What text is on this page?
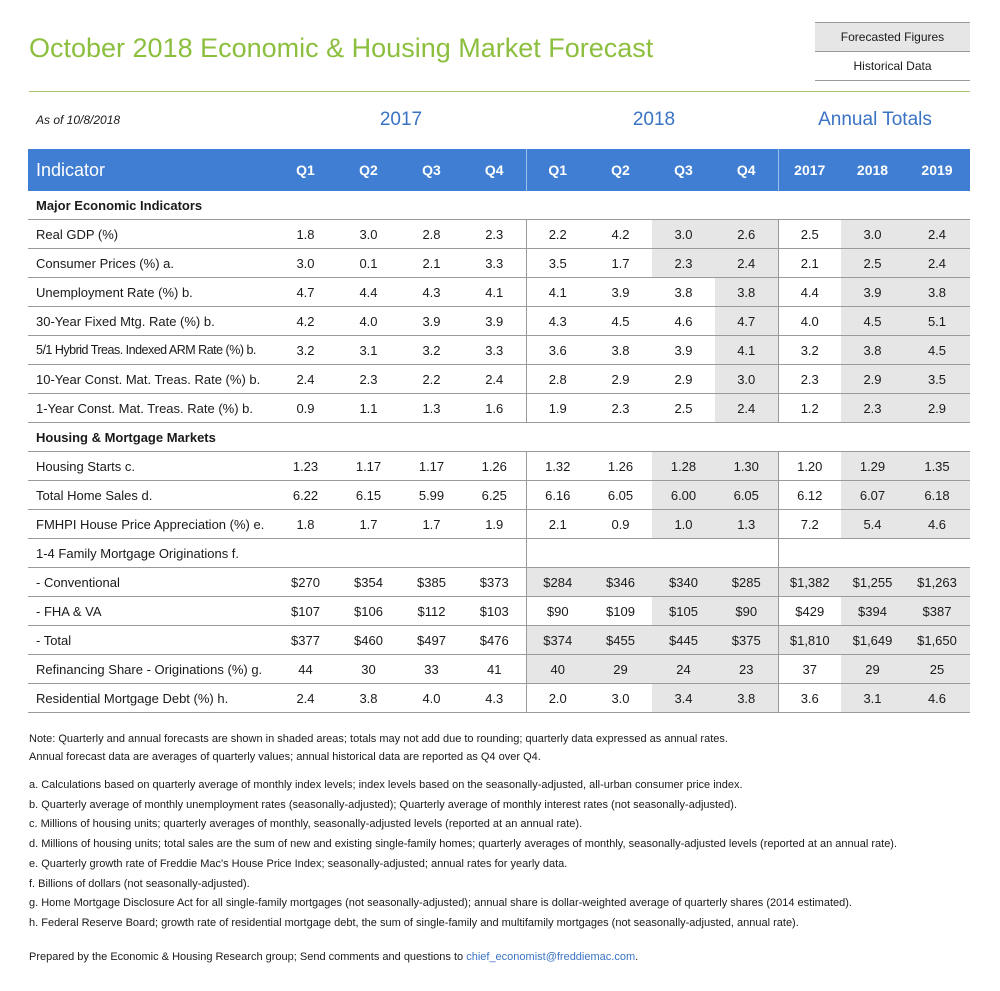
October 2018 Economic & Housing Market Forecast	Forecasted Figures
Historical Data
As of 10/8/2018	2017	2018	Annual Totals
Indicator	Q1	Q2	Q3	Q4	Q1	Q2	Q3	Q4	2017	2018	2019
Major Economic Indicators											
Real GDP (%)	1.8	3.0	2.8	2.3	2.2	4.2	3.0	2.6	2.5	3.0	2.4
Consumer Prices (%) a.	3.0	0.1	2.1	3.3	3.5	1.7	2.3	2.4	2.1	2.5	2.4
Unemployment Rate (%) b.	4.7	4.4	4.3	4.1	4.1	3.9	3.8	3.8	4.4	3.9	3.8
30-Year Fixed Mtg. Rate (%) b.	4.2	4.0	3.9	3.9	4.3	4.5	4.6	4.7	4.0	4.5	5.1
5/1 Hybrid Treas. Indexed ARM Rate (%) b.	3.2	3.1	3.2	3.3	3.6	3.8	3.9	4.1	3.2	3.8	4.5
10-Year Const. Mat. Treas. Rate (%) b.	2.4	2.3	2.2	2.4	2.8	2.9	2.9	3.0	2.3	2.9	3.5
1-Year Const. Mat. Treas. Rate (%) b.	0.9	1.1	1.3	1.6	1.9	2.3	2.5	2.4	1.2	2.3	2.9
Housing & Mortgage Markets											
Housing Starts c.	1.23	1.17	1.17	1.26	1.32	1.26	1.28	1.30	1.20	1.29	1.35
Total Home Sales d.	6.22	6.15	5.99	6.25	6.16	6.05	6.00	6.05	6.12	6.07	6.18
FMHPI House Price Appreciation (%) e.	1.8	1.7	1.7	1.9	2.1	0.9	1.0	1.3	7.2	5.4	4.6
1-4 Family Mortgage Originations f.											
- Conventional	$270	$354	$385	$373	$284	$346	$340	$285	$1,382	$1,255	$1,263
- FHA & VA	$107	$106	$112	$103	$90	$109	$105	$90	$429	$394	$387
- Total	$377	$460	$497	$476	$374	$455	$445	$375	$1,810	$1,649	$1,650
Refinancing Share - Originations (%) g.	44	30	33	41	40	29	24	23	37	29	25
Residential Mortgage Debt (%) h.	2.4	3.8	4.0	4.3	2.0	3.0	3.4	3.8	3.6	3.1	4.6

Note: Quarterly and annual forecasts are shown in shaded areas; totals may not add due to rounding; quarterly data expressed as annual rates.

Annual forecast data are averages of quarterly values; annual historical data are reported as Q4 over Q4.

a. Calculations based on quarterly average of monthly index levels; index levels based on the seasonally-adjusted, all-urban consumer price index.

b. Quarterly average of monthly unemployment rates (seasonally-adjusted); Quarterly average of monthly interest rates (not seasonally-adjusted).

c. Millions of housing units; quarterly averages of monthly, seasonally-adjusted levels (reported at an annual rate).

d. Millions of housing units; total sales are the sum of new and existing single-family homes; quarterly averages of monthly, seasonally-adjusted levels (reported at an annual rate).

e. Quarterly growth rate of Freddie Mac's House Price Index; seasonally-adjusted; annual rates for yearly data.

f. Billions of dollars (not seasonally-adjusted).

g. Home Mortgage Disclosure Act for all single-family mortgages (not seasonally-adjusted); annual share is dollar-weighted average of quarterly shares (2014 estimated).

h. Federal Reserve Board; growth rate of residential mortgage debt, the sum of single-family and multifamily mortgages (not seasonally-adjusted, annual rate).

Prepared by the Economic & Housing Research group; Send comments and questions to chief_economist@freddiemac.com.
